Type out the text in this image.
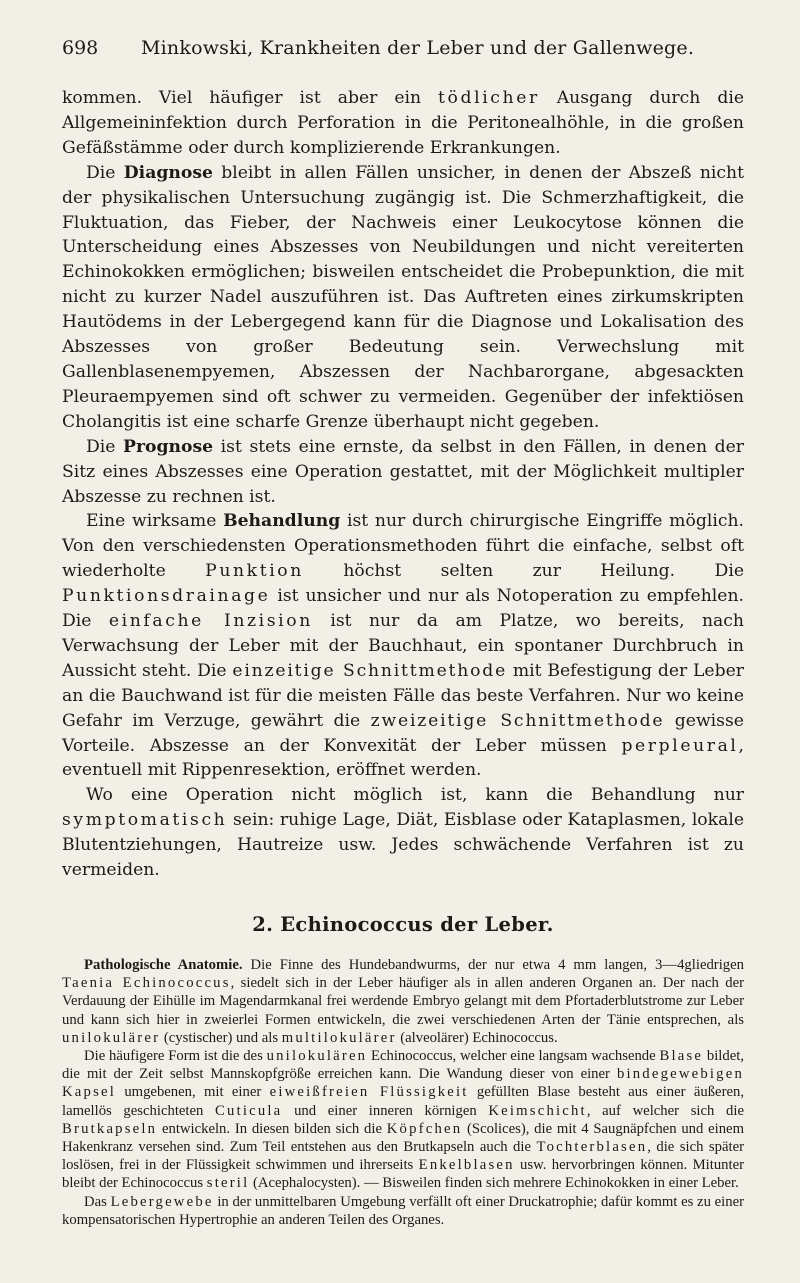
698 Minkowski, Krankheiten der Leber und der Gallenwege.

kommen. Viel häufiger ist aber ein tödlicher Ausgang durch die Allgemeininfektion durch Perforation in die Peritonealhöhle, in die großen Gefäßstämme oder durch komplizierende Erkrankungen.

Die Diagnose bleibt in allen Fällen unsicher, in denen der Abszeß nicht der physikalischen Untersuchung zugängig ist. Die Schmerzhaftigkeit, die Fluktuation, das Fieber, der Nachweis einer Leukocytose können die Unterscheidung eines Abszesses von Neubildungen und nicht vereiterten Echinokokken ermöglichen; bisweilen entscheidet die Probepunktion, die mit nicht zu kurzer Nadel auszuführen ist. Das Auftreten eines zirkumskripten Hautödems in der Lebergegend kann für die Diagnose und Lokalisation des Abszesses von großer Bedeutung sein. Verwechslung mit Gallenblasenempyemen, Abszessen der Nachbarorgane, abgesackten Pleuraempyemen sind oft schwer zu vermeiden. Gegenüber der infektiösen Cholangitis ist eine scharfe Grenze überhaupt nicht gegeben.

Die Prognose ist stets eine ernste, da selbst in den Fällen, in denen der Sitz eines Abszesses eine Operation gestattet, mit der Möglichkeit multipler Abszesse zu rechnen ist.

Eine wirksame Behandlung ist nur durch chirurgische Eingriffe möglich. Von den verschiedensten Operationsmethoden führt die einfache, selbst oft wiederholte Punktion höchst selten zur Heilung. Die Punktionsdrainage ist unsicher und nur als Notoperation zu empfehlen. Die einfache Inzision ist nur da am Platze, wo bereits, nach Verwachsung der Leber mit der Bauchhaut, ein spontaner Durchbruch in Aussicht steht. Die einzeitige Schnittmethode mit Befestigung der Leber an die Bauchwand ist für die meisten Fälle das beste Verfahren. Nur wo keine Gefahr im Verzuge, gewährt die zweizeitige Schnittmethode gewisse Vorteile. Abszesse an der Konvexität der Leber müssen perpleural, eventuell mit Rippenresektion, eröffnet werden.

Wo eine Operation nicht möglich ist, kann die Behandlung nur symptomatisch sein: ruhige Lage, Diät, Eisblase oder Kataplasmen, lokale Blutentziehungen, Hautreize usw. Jedes schwächende Verfahren ist zu vermeiden.

2. Echinococcus der Leber.

Pathologische Anatomie. Die Finne des Hundebandwurms, der nur etwa 4 mm langen, 3—4gliedrigen Taenia Echinococcus, siedelt sich in der Leber häufiger als in allen anderen Organen an. Der nach der Verdauung der Eihülle im Magendarmkanal frei werdende Embryo gelangt mit dem Pfortaderblutstrome zur Leber und kann sich hier in zweierlei Formen entwickeln, die zwei verschiedenen Arten der Tänie entsprechen, als unilokulärer (cystischer) und als multilokulärer (alveolärer) Echinococcus.

Die häufigere Form ist die des unilokulären Echinococcus, welcher eine langsam wachsende Blase bildet, die mit der Zeit selbst Mannskopfgröße erreichen kann. Die Wandung dieser von einer bindegewebigen Kapsel umgebenen, mit einer eiweißfreien Flüssigkeit gefüllten Blase besteht aus einer äußeren, lamellös geschichteten Cuticula und einer inneren körnigen Keimschicht, auf welcher sich die Brutkapseln entwickeln. In diesen bilden sich die Köpfchen (Scolices), die mit 4 Saugnäpfchen und einem Hakenkranz versehen sind. Zum Teil entstehen aus den Brutkapseln auch die Tochterblasen, die sich später loslösen, frei in der Flüssigkeit schwimmen und ihrerseits Enkelblasen usw. hervorbringen können. Mitunter bleibt der Echinococcus steril (Acephalocysten). — Bisweilen finden sich mehrere Echinokokken in einer Leber.

Das Lebergewebe in der unmittelbaren Umgebung verfällt oft einer Druckatrophie; dafür kommt es zu einer kompensatorischen Hypertrophie an anderen Teilen des Organes.
